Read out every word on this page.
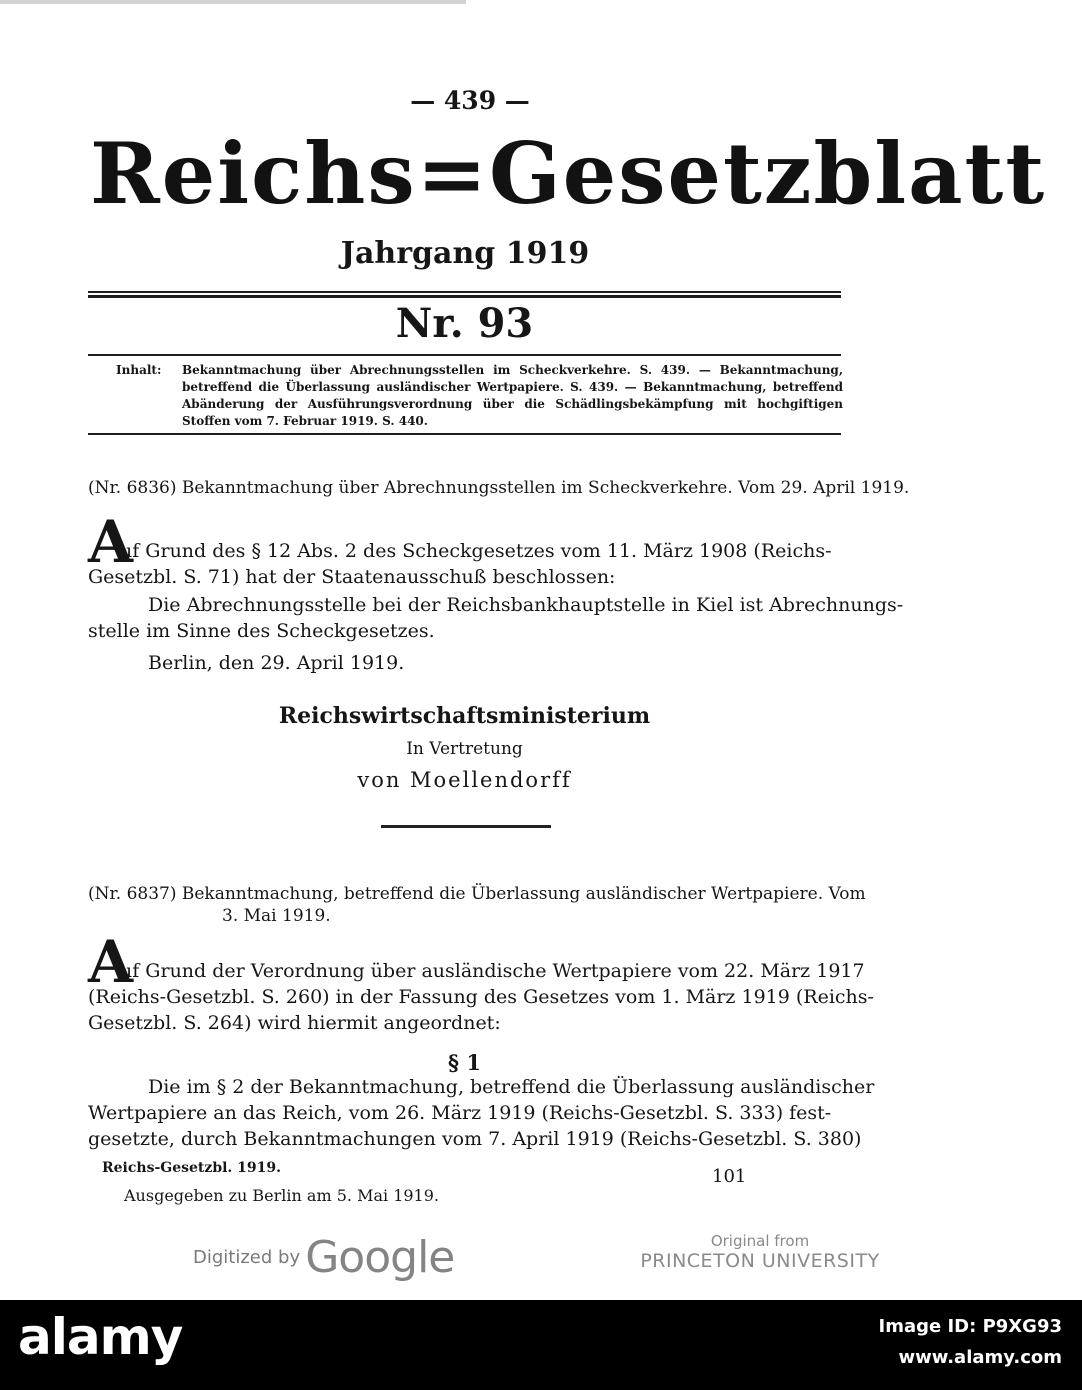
— 439 —
Reichs=Gesetzblatt
Jahrgang 1919
Nr. 93
Inhalt: Bekanntmachung über Abrechnungsstellen im Scheckverkehre. S. 439. — Bekanntmachung, betreffend die Überlassung ausländischer Wertpapiere. S. 439. — Bekanntmachung, betreffend Abänderung der Ausführungsverordnung über die Schädlingsbekämpfung mit hochgiftigen Stoffen vom 7. Februar 1919. S. 440.
(Nr. 6836) Bekanntmachung über Abrechnungsstellen im Scheckverkehre. Vom 29. April 1919.
A
uf Grund des § 12 Abs. 2 des Scheckgesetzes vom 11. März 1908 (Reichs-
Gesetzbl. S. 71) hat der Staatenausschuß beschlossen:
Die Abrechnungsstelle bei der Reichsbankhauptstelle in Kiel ist Abrechnungs-
stelle im Sinne des Scheckgesetzes.
Berlin, den 29. April 1919.
Reichswirtschaftsministerium
In Vertretung
von Moellendorff
(Nr. 6837) Bekanntmachung, betreffend die Überlassung ausländischer Wertpapiere. Vom
3. Mai 1919.
A
uf Grund der Verordnung über ausländische Wertpapiere vom 22. März 1917
(Reichs-Gesetzbl. S. 260) in der Fassung des Gesetzes vom 1. März 1919 (Reichs-
Gesetzbl. S. 264) wird hiermit angeordnet:
§ 1
Die im § 2 der Bekanntmachung, betreffend die Überlassung ausländischer
Wertpapiere an das Reich, vom 26. März 1919 (Reichs-Gesetzbl. S. 333) fest-
gesetzte, durch Bekanntmachungen vom 7. April 1919 (Reichs-Gesetzbl. S. 380)
Reichs-Gesetzbl. 1919.	101
Ausgegeben zu Berlin am 5. Mai 1919.
Digitized by Google	Original from
PRINCETON UNIVERSITY
alamy	Image ID: P9XG93
www.alamy.com
